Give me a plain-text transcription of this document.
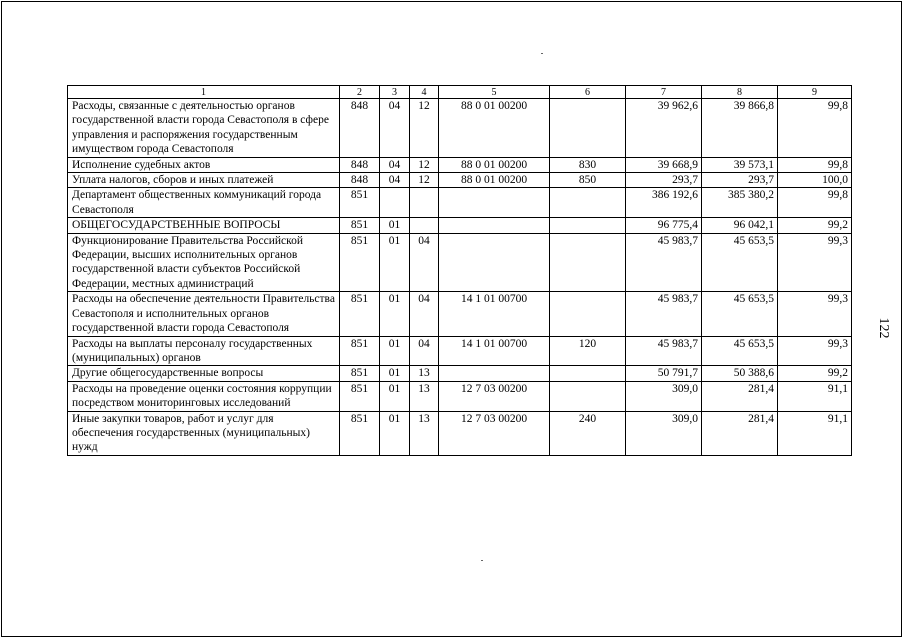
1	2	3	4	5	6	7	8	9
Расходы, связанные с деятельностью органов государственной власти города Севастополя в сфере управления и распоряжения государственным имуществом города Севастополя	848	04	12	88 0 01 00200		39 962,6	39 866,8	99,8
Исполнение судебных актов	848	04	12	88 0 01 00200	830	39 668,9	39 573,1	99,8
Уплата налогов, сборов и иных платежей	848	04	12	88 0 01 00200	850	293,7	293,7	100,0
Департамент общественных коммуникаций города Севастополя	851					386 192,6	385 380,2	99,8
ОБЩЕГОСУДАРСТВЕННЫЕ ВОПРОСЫ	851	01				96 775,4	96 042,1	99,2
Функционирование Правительства Российской Федерации, высших исполнительных органов государственной власти субъектов Российской Федерации, местных администраций	851	01	04			45 983,7	45 653,5	99,3
Расходы на обеспечение деятельности Правительства Севастополя и исполнительных органов государственной власти города Севастополя	851	01	04	14 1 01 00700		45 983,7	45 653,5	99,3
Расходы на выплаты персоналу государственных (муниципальных) органов	851	01	04	14 1 01 00700	120	45 983,7	45 653,5	99,3
Другие общегосударственные вопросы	851	01	13			50 791,7	50 388,6	99,2
Расходы на проведение оценки состояния коррупции посредством мониторинговых исследований	851	01	13	12 7 03 00200		309,0	281,4	91,1
Иные закупки товаров, работ и услуг для обеспечения государственных (муниципальных) нужд	851	01	13	12 7 03 00200	240	309,0	281,4	91,1
122
